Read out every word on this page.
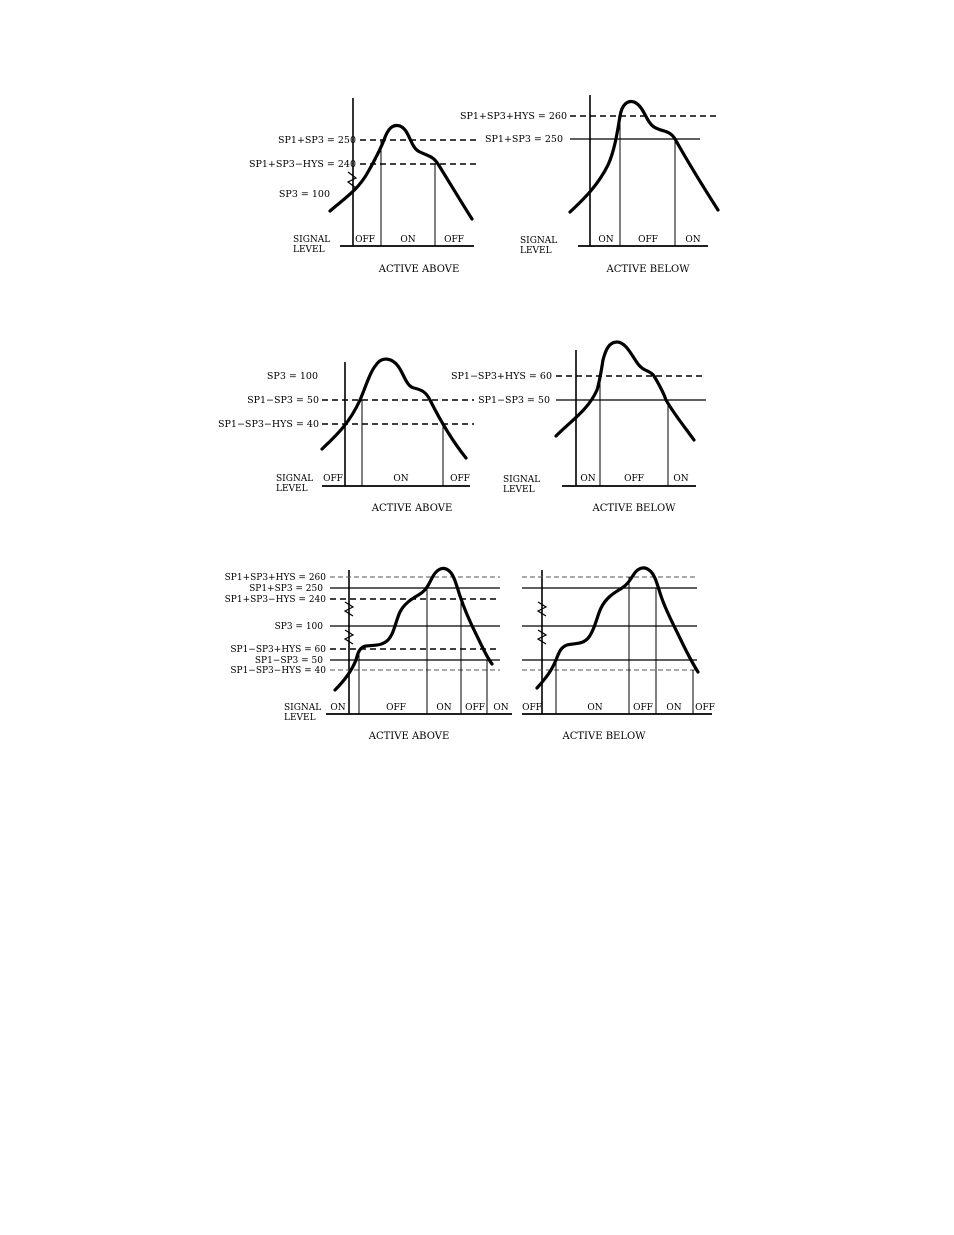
SP1+SP3 = 250
SP1+SP3−HYS = 240
SP3 = 100
SIGNAL
LEVEL
OFF	ON	OFF
ACTIVE ABOVE
SP1+SP3+HYS = 260
SP1+SP3 = 250
SIGNAL
LEVEL
ON	OFF	ON
ACTIVE BELOW
SP3 = 100
SP1−SP3 = 50
SP1−SP3−HYS = 40
SIGNAL
LEVEL
OFF	ON	OFF
ACTIVE ABOVE
SP1−SP3+HYS = 60
SP1−SP3 = 50
SIGNAL
LEVEL
ON	OFF	ON
ACTIVE BELOW
SP1+SP3+HYS = 260
SP1+SP3 = 250
SP1+SP3−HYS = 240
SP3 = 100
SP1−SP3+HYS = 60
SP1−SP3 = 50
SP1−SP3−HYS = 40
SIGNAL
LEVEL
ON	OFF	ON OFF ON
ACTIVE ABOVE
OFF	ON	OFF ON OFF
ACTIVE BELOW
